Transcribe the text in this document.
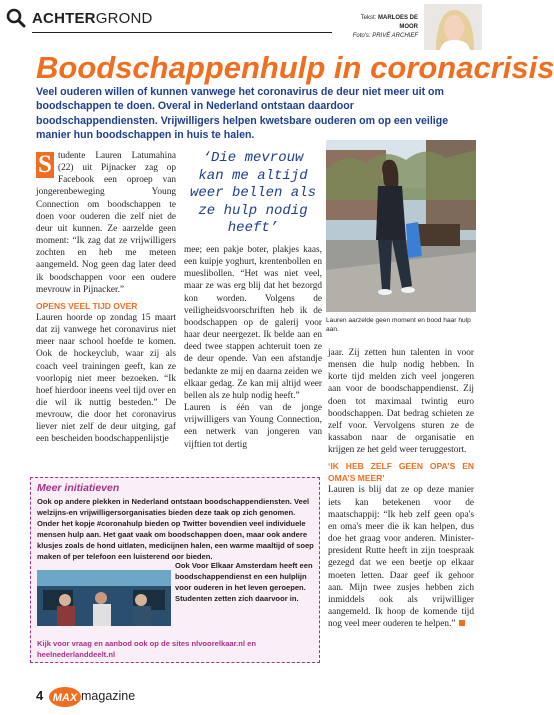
ACHTERGROND	Tekst: MARLOES DE MOOR
Foto's: PRIVÉ ARCHIEF
Boodschappenhulp in coronacrisis

Veel ouderen willen of kunnen vanwege het coronavirus de deur niet meer uit om boodschappen te doen. Overal in Nederland ontstaan daardoor boodschappendiensten. Vrijwilligers helpen kwetsbare ouderen om op een veilige manier hun boodschappen in huis te halen.

S tudente Lauren Latumahina (22) uit Pijnacker zag op Facebook een oproep van jongerenbeweging Young Connection om boodschappen te doen voor ouderen die zelf niet de deur uit kunnen. Ze aarzelde geen moment: “Ik zag dat ze vrijwilligers zochten en heb me meteen aangemeld. Nog geen dag later deed ik boodschappen voor een oudere mevrouw in Pijnacker.”

OPENS VEEL TIJD OVER

Lauren hoorde op zondag 15 maart dat zij vanwege het coronavirus niet meer naar school hoefde te komen. Ook de hockeyclub, waar zij als coach veel trainingen geeft, kan ze voorlopig niet meer bezoeken. “Ik hoef hierdoor ineens veel tijd over en die wil ik nuttig besteden.” De mevrouw, die door het coronavirus liever niet zelf de deur uitging, gaf een bescheiden boodschappenlijstje

‘Die mevrouw kan me altijd weer bellen als ze hulp nodig heeft’

mee; een pakje boter, plakjes kaas, een kuipje yoghurt, krentenbollen en mueslibollen. “Het was niet veel, maar ze was erg blij dat het bezorgd kon worden. Volgens de veiligheidsvoorschriften heb ik de boodschappen op de galerij voor haar deur neergezet. Ik belde aan en deed twee stappen achteruit toen ze de deur opende. Van een afstandje bedankte ze mij en daarna zeiden we elkaar gedag. Ze kan mij altijd weer bellen als ze hulp nodig heeft.”

Lauren is één van de jonge vrijwilligers van Young Connection, een netwerk van jongeren van vijftien tot dertig

Lauren aarzelde geen moment en bood haar hulp aan.

jaar. Zij zetten hun talenten in voor mensen die hulp nodig hebben. In korte tijd melden zich veel jongeren aan voor de boodschappendienst. Zij doen tot maximaal twintig euro boodschappen. Dat bedrag schieten ze zelf voor. Vervolgens sturen ze de kassabon naar de organisatie en krijgen ze het geld weer teruggestort.

‘IK HEB ZELF GEEN OPA’S EN OMA’S MEER’

Lauren is blij dat ze op deze manier iets kan betekenen voor de maatschappij: “Ik heb zelf geen opa's en oma's meer die ik kan helpen, dus doe het graag voor anderen. Minister-president Rutte heeft in zijn toespraak gezegd dat we een beetje op elkaar moeten letten. Daar geef ik gehoor aan. Mijn twee zusjes hebben zich inmiddels ook als vrijwilliger aangemeld. Ik hoop de komende tijd nog veel meer ouderen te helpen.”

Meer initiatieven

Ook op andere plekken in Nederland ontstaan boodschappendiensten. Veel welzijns-en vrijwilligersorganisaties bieden deze taak op zich genomen. Onder het kopje #coronahulp bieden op Twitter bovendien veel individuele mensen hulp aan. Het gaat vaak om boodschappen doen, maar ook andere klusjes zoals de hond uitlaten, medicijnen halen, een warme maaltijd of soep maken of per telefoon een luisterend oor bieden.

Ook Voor Elkaar Amsterdam heeft een boodschappendienst en een hulplijn voor ouderen in het leven geroepen. Studenten zetten zich daarvoor in.

Kijk voor vraag en aanbod ook op de sites nlvoorelkaar.nl en heelnederlanddeelt.nl

4 MAX magazine
